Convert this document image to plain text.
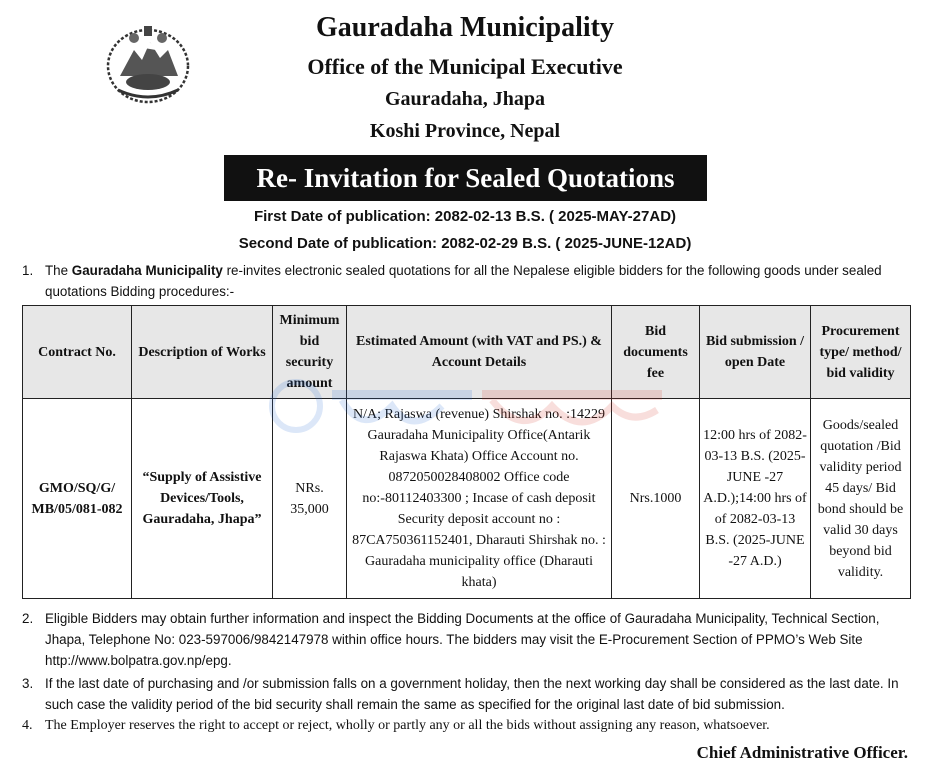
Gauradaha Municipality
Office of the Municipal Executive
Gauradaha, Jhapa
Koshi Province, Nepal
Re- Invitation for Sealed Quotations
First Date of publication: 2082-02-13 B.S. ( 2025-MAY-27AD)
Second Date of publication: 2082-02-29 B.S. ( 2025-JUNE-12AD)
1. The Gauradaha Municipality re-invites electronic sealed quotations for all the Nepalese eligible bidders for the following goods under sealed quotations Bidding procedures:-
Contract No.	Description of Works	Minimum bid security amount	Estimated Amount (with VAT and PS.) & Account Details	Bid documents fee	Bid submission / open Date	Procurement type/ method/ bid validity
GMO/SQ/G/ MB/05/081-082	“Supply of Assistive Devices/Tools, Gauradaha, Jhapa”	NRs. 35,000	N/A; Rajaswa (revenue) Shirshak no. :14229 Gauradaha Municipality Office(Antarik Rajaswa Khata) Office Account no. 0872050028408002 Office code no:-80112403300 ; Incase of cash deposit Security deposit account no : 87CA750361152401, Dharauti Shirshak no. : Gauradaha municipality office (Dharauti khata)	Nrs.1000	12:00 hrs of 2082-03-13 B.S. (2025-JUNE -27 A.D.);14:00 hrs of of 2082-03-13 B.S. (2025-JUNE -27 A.D.)	Goods/sealed quotation /Bid validity period 45 days/ Bid bond should be valid 30 days beyond bid validity.
2. Eligible Bidders may obtain further information and inspect the Bidding Documents at the office of Gauradaha Municipality, Technical Section, Jhapa, Telephone No: 023-597006/9842147978 within office hours. The bidders may visit the E-Procurement Section of PPMO’s Web Site http://www.bolpatra.gov.np/epg.
3. If the last date of purchasing and /or submission falls on a government holiday, then the next working day shall be considered as the last date. In such case the validity period of the bid security shall remain the same as specified for the original last date of bid submission.
4. The Employer reserves the right to accept or reject, wholly or partly any or all the bids without assigning any reason, whatsoever.
Chief Administrative Officer.
